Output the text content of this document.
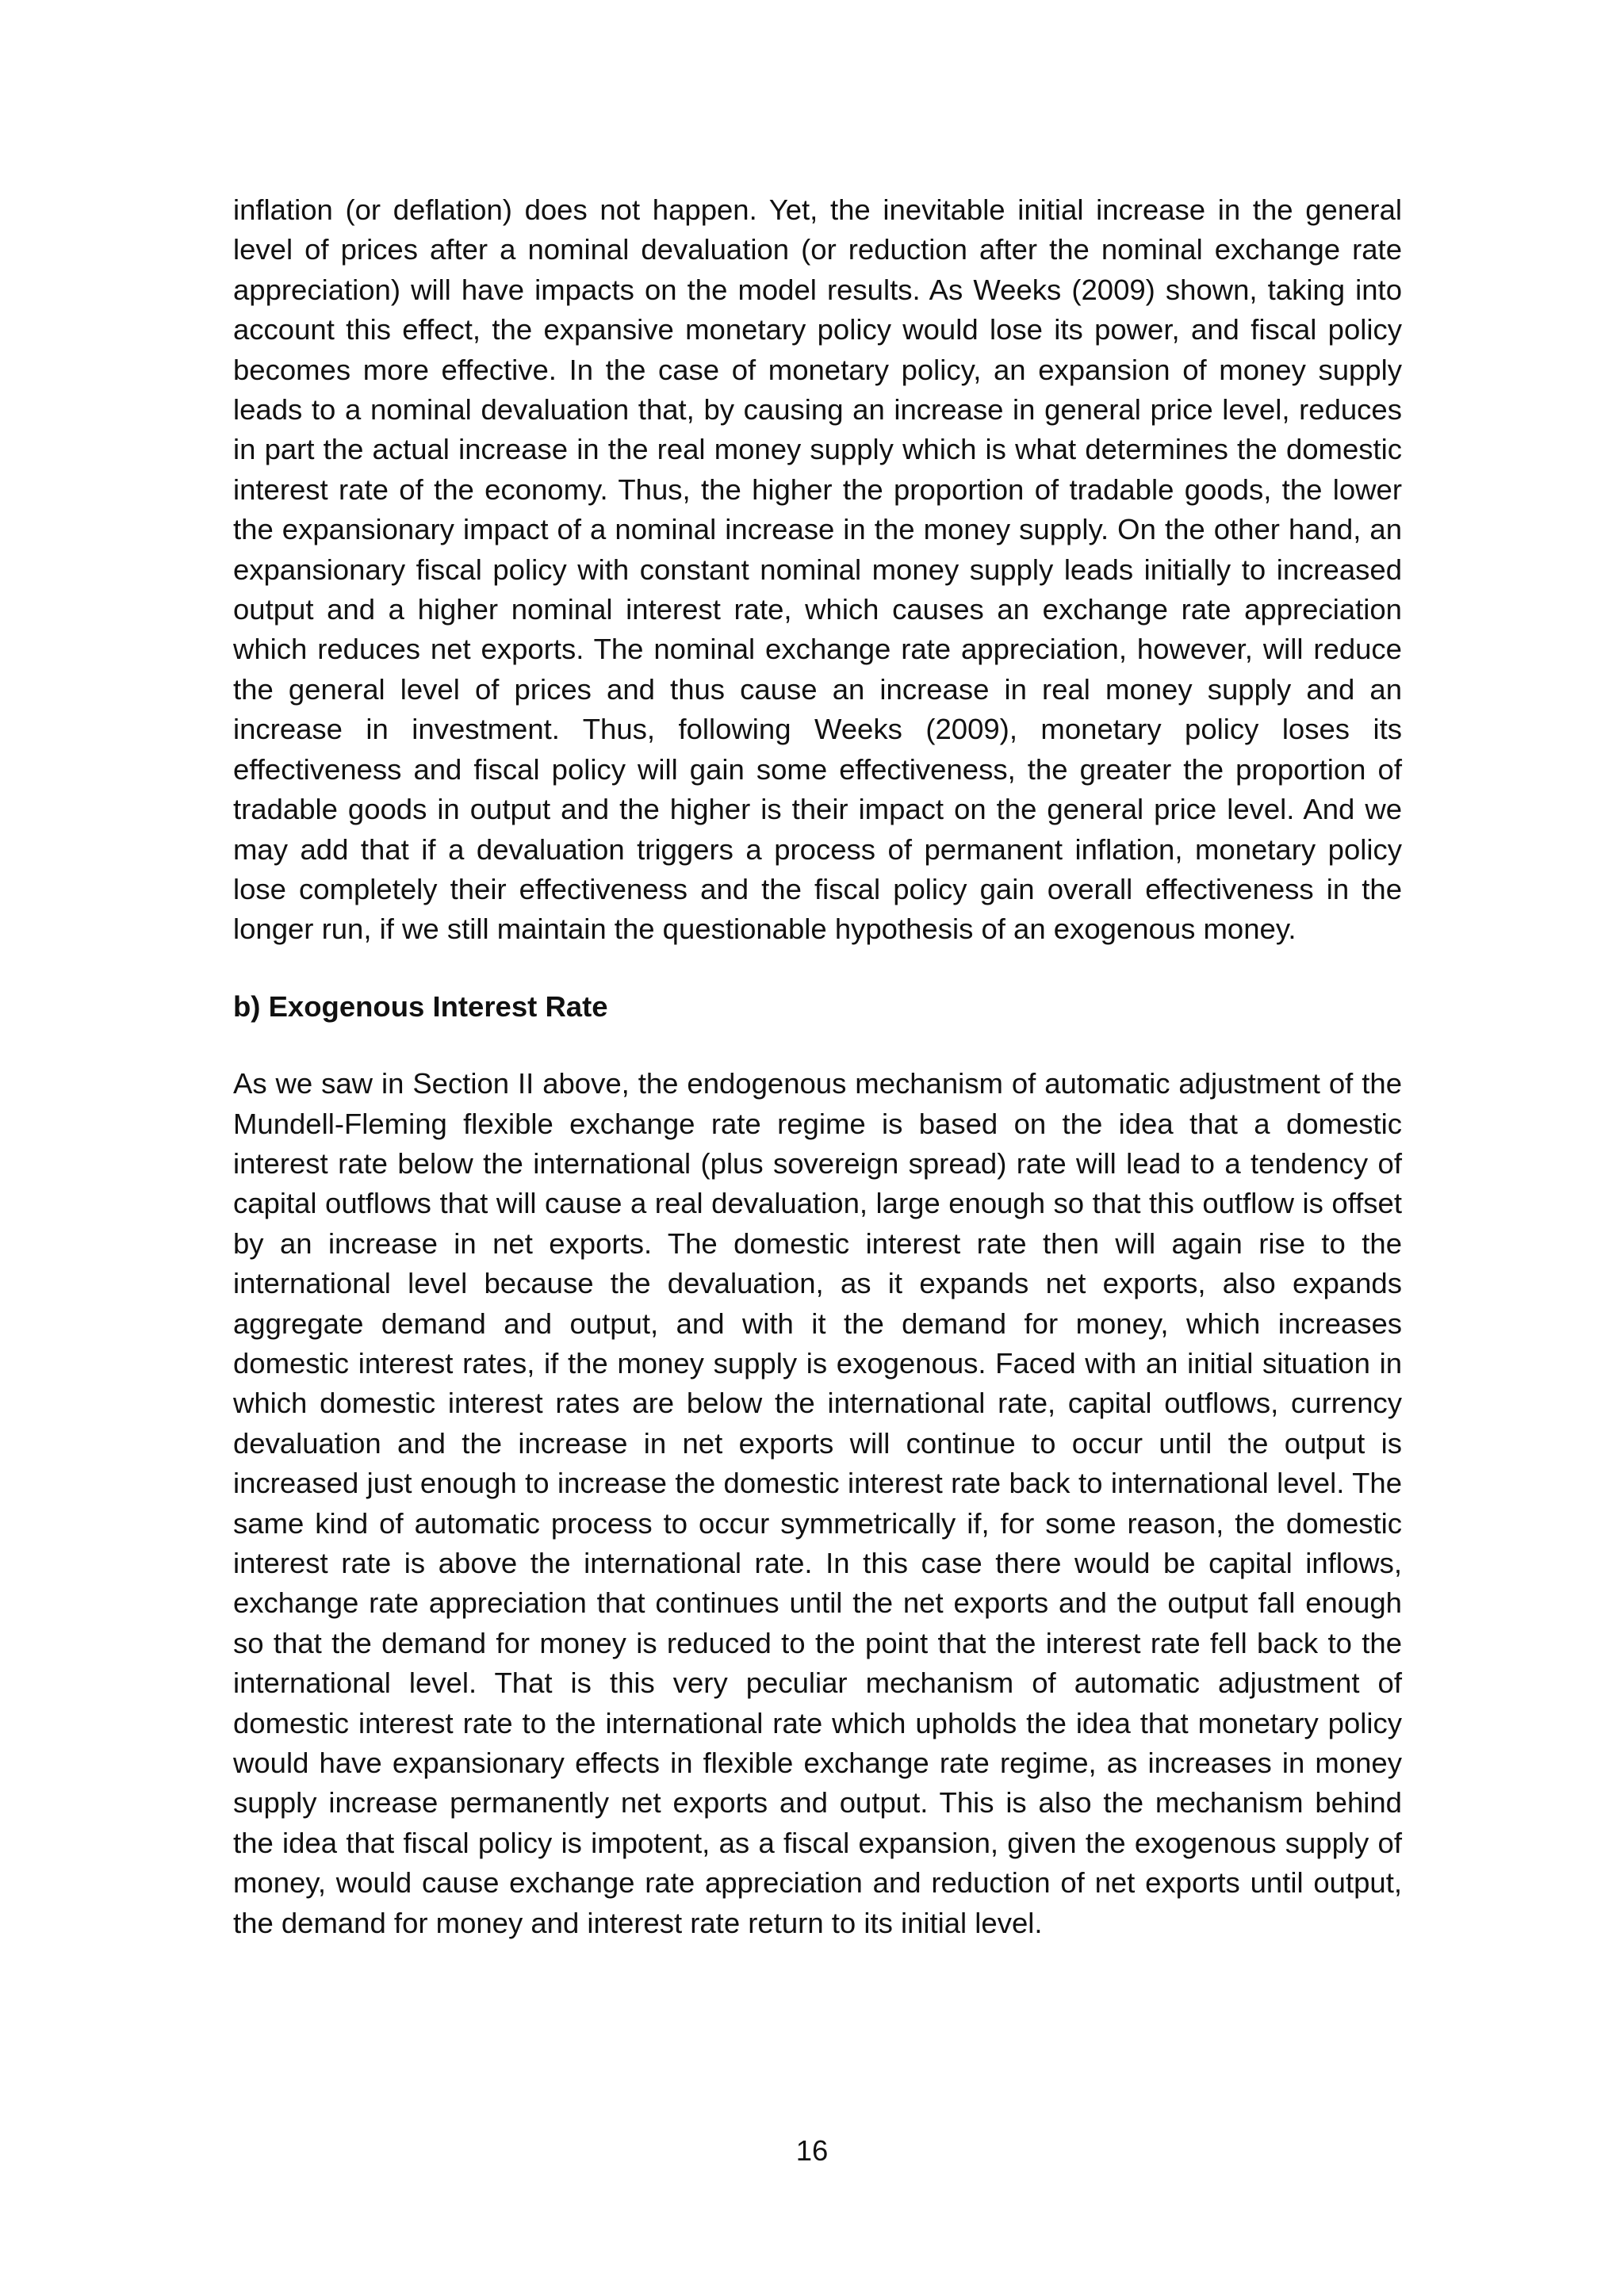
inflation (or deflation) does not happen. Yet, the inevitable initial increase in the general level of prices after a nominal devaluation (or reduction after the nominal exchange rate appreciation) will have impacts on the model results. As Weeks (2009) shown, taking into account this effect, the expansive monetary policy would lose its power, and fiscal policy becomes more effective. In the case of monetary policy, an expansion of money supply leads to a nominal devaluation that, by causing an increase in general price level, reduces in part the actual increase in the real money supply which is what determines the domestic interest rate of the economy. Thus, the higher the proportion of tradable goods, the lower the expansionary impact of a nominal increase in the money supply. On the other hand, an expansionary fiscal policy with constant nominal money supply leads initially to increased output and a higher nominal interest rate, which causes an exchange rate appreciation which reduces net exports. The nominal exchange rate appreciation, however, will reduce the general level of prices and thus cause an increase in real money supply and an increase in investment. Thus, following Weeks (2009), monetary policy loses its effectiveness and fiscal policy will gain some effectiveness, the greater the proportion of tradable goods in output and the higher is their impact on the general price level. And we may add that if a devaluation triggers a process of permanent inflation, monetary policy lose completely their effectiveness and the fiscal policy gain overall effectiveness in the longer run, if we still maintain the questionable hypothesis of an exogenous money.

b) Exogenous Interest Rate

As we saw in Section II above, the endogenous mechanism of automatic adjustment of the Mundell-Fleming flexible exchange rate regime is based on the idea that a domestic interest rate below the international (plus sovereign spread) rate will lead to a tendency of capital outflows that will cause a real devaluation, large enough so that this outflow is offset by an increase in net exports. The domestic interest rate then will again rise to the international level because the devaluation, as it expands net exports, also expands aggregate demand and output, and with it the demand for money, which increases domestic interest rates, if the money supply is exogenous. Faced with an initial situation in which domestic interest rates are below the international rate, capital outflows, currency devaluation and the increase in net exports will continue to occur until the output is increased just enough to increase the domestic interest rate back to international level. The same kind of automatic process to occur symmetrically if, for some reason, the domestic interest rate is above the international rate. In this case there would be capital inflows, exchange rate appreciation that continues until the net exports and the output fall enough so that the demand for money is reduced to the point that the interest rate fell back to the international level. That is this very peculiar mechanism of automatic adjustment of domestic interest rate to the international rate which upholds the idea that monetary policy would have expansionary effects in flexible exchange rate regime, as increases in money supply increase permanently net exports and output. This is also the mechanism behind the idea that fiscal policy is impotent, as a fiscal expansion, given the exogenous supply of money, would cause exchange rate appreciation and reduction of net exports until output, the demand for money and interest rate return to its initial level.

16
